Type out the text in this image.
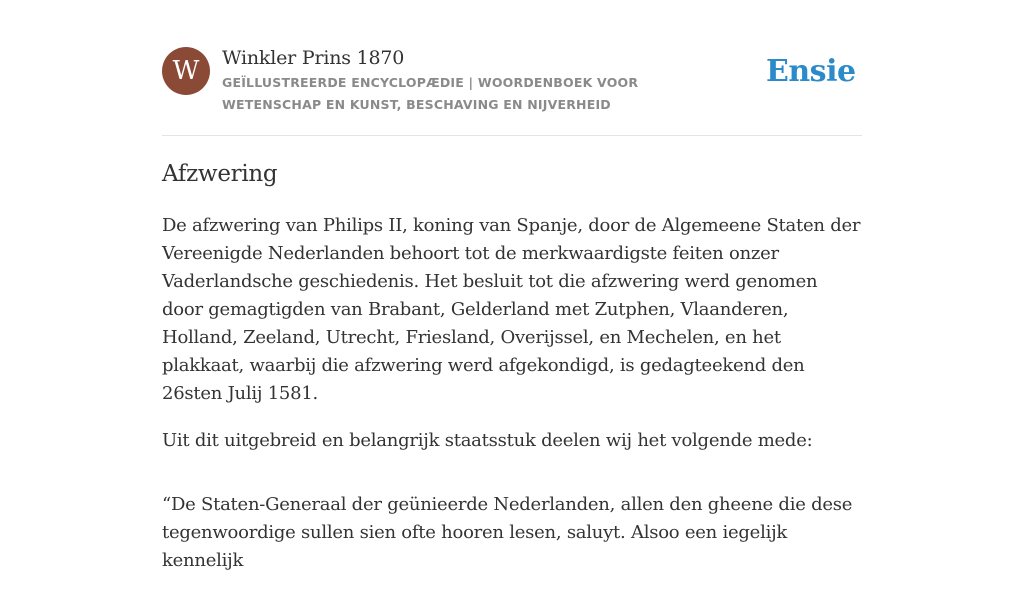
W	Winkler Prins 1870
GEÏLLUSTREERDE ENCYCLOPÆDIE | WOORDENBOEK VOOR WETENSCHAP EN KUNST, BESCHAVING EN NIJVERHEID
Ensie
Afzwering

De afzwering van Philips II, koning van Spanje, door de Algemeene Staten der Vereenigde Nederlanden behoort tot de merkwaardigste feiten onzer Vaderlandsche geschiedenis. Het besluit tot die afzwering werd genomen door gemagtigden van Brabant, Gelderland met Zutphen, Vlaanderen, Holland, Zeeland, Utrecht, Friesland, Overijssel, en Mechelen, en het plakkaat, waarbij die afzwering werd afgekondigd, is gedagteekend den 26sten Julij 1581.

Uit dit uitgebreid en belangrijk staatsstuk deelen wij het volgende mede:

“De Staten-Generaal der geünieerde Nederlanden, allen den gheene die dese tegenwoordige sullen sien ofte hooren lesen, saluyt. Alsoo een iegelijk kennelijk
